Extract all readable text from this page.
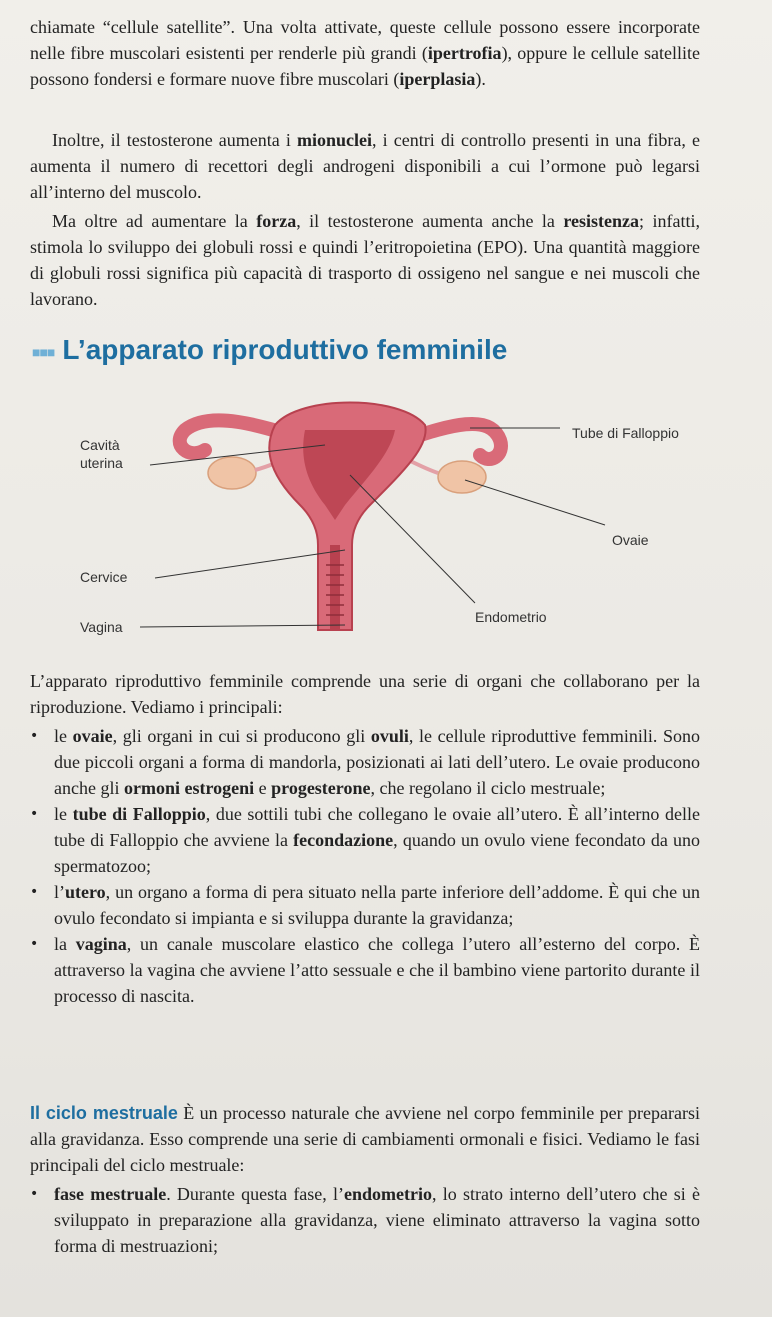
chiamate “cellule satellite”. Una volta attivate, queste cellule possono essere incorporate nelle fibre muscolari esistenti per renderle più grandi (ipertrofia), oppure le cellule satellite possono fondersi e formare nuove fibre muscolari (iperplasia).

Inoltre, il testosterone aumenta i mionuclei, i centri di controllo presenti in una fibra, e aumenta il numero di recettori degli androgeni disponibili a cui l’ormone può legarsi all’interno del muscolo.

Ma oltre ad aumentare la forza, il testosterone aumenta anche la resistenza; infatti, stimola lo sviluppo dei globuli rossi e quindi l’eritropoietina (EPO). Una quantità maggiore di globuli rossi significa più capacità di trasporto di ossigeno nel sangue e nei muscoli che lavorano.

■■■ L’apparato riproduttivo femminile
Cavità
uterina
Cervice
Vagina
Tube di Falloppio
Ovaie
Endometrio

L’apparato riproduttivo femminile comprende una serie di organi che collaborano per la riproduzione. Vediamo i principali:

• le ovaie, gli organi in cui si producono gli ovuli, le cellule riproduttive femminili. Sono due piccoli organi a forma di mandorla, posizionati ai lati dell’utero. Le ovaie producono anche gli ormoni estrogeni e progesterone, che regolano il ciclo mestruale;
• le tube di Falloppio, due sottili tubi che collegano le ovaie all’utero. È all’interno delle tube di Falloppio che avviene la fecondazione, quando un ovulo viene fecondato da uno spermatozoo;
• l’utero, un organo a forma di pera situato nella parte inferiore dell’addome. È qui che un ovulo fecondato si impianta e si sviluppa durante la gravidanza;
• la vagina, un canale muscolare elastico che collega l’utero all’esterno del corpo. È attraverso la vagina che avviene l’atto sessuale e che il bambino viene partorito durante il processo di nascita.

Il ciclo mestruale È un processo naturale che avviene nel corpo femminile per prepararsi alla gravidanza. Esso comprende una serie di cambiamenti ormonali e fisici. Vediamo le fasi principali del ciclo mestruale:

• fase mestruale. Durante questa fase, l’endometrio, lo strato interno dell’utero che si è sviluppato in preparazione alla gravidanza, viene eliminato attraverso la vagina sotto forma di mestruazioni;
